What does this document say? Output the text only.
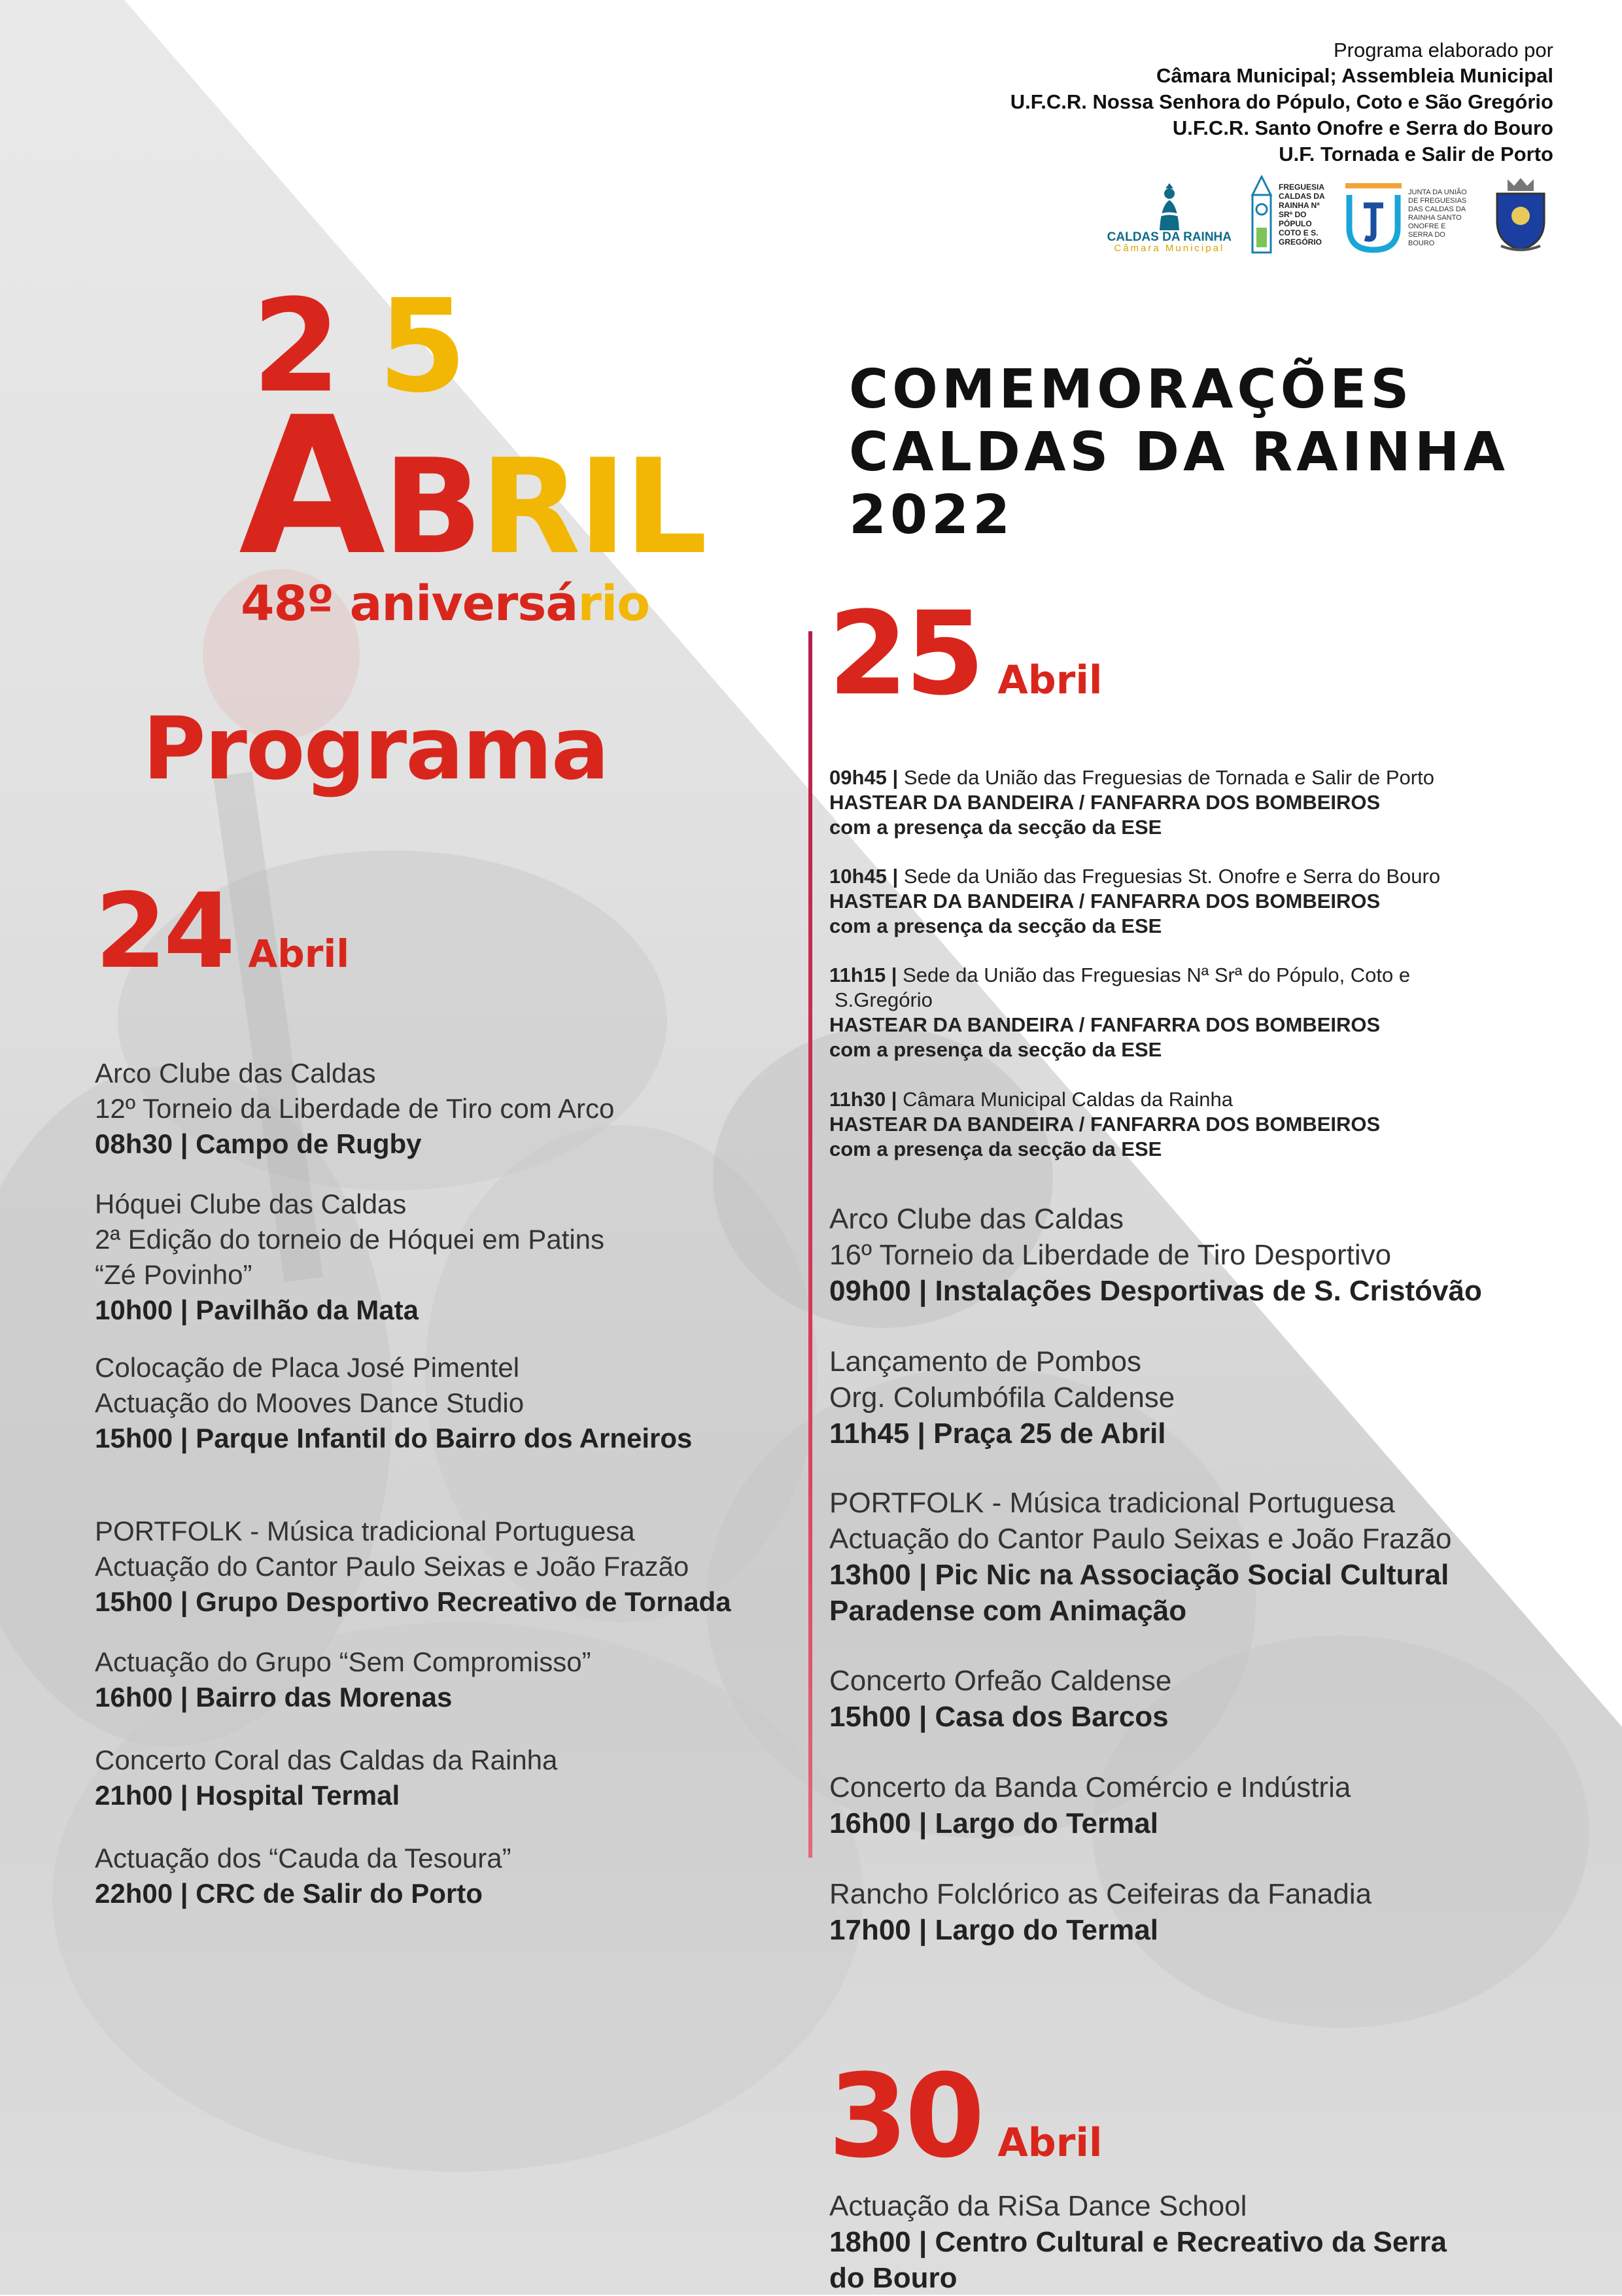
Programa elaborado por
Câmara Municipal; Assembleia Municipal
U.F.C.R. Nossa Senhora do Pópulo, Coto e São Gregório
U.F.C.R. Santo Onofre e Serra do Bouro
U.F. Tornada e Salir de Porto
CALDAS DA RAINHA
Câmara Municipal
FREGUESIA CALDAS DA RAINHA Nª SRª DO PÓPULO COTO E S. GREGÓRIO
JUNTA DA UNIÃO DE FREGUESIAS DAS CALDAS DA RAINHA SANTO ONOFRE E SERRA DO BOURO
2 5
ABRIL
48º aniversário
Programa
COMEMORAÇÕES
CALDAS DA RAINHA
2022
24 Abril
Arco Clube das Caldas
12º Torneio da Liberdade de Tiro com Arco
08h30 | Campo de Rugby
Hóquei Clube das Caldas
2ª Edição do torneio de Hóquei em Patins
“Zé Povinho”
10h00 | Pavilhão da Mata
Colocação de Placa José Pimentel
Actuação do Mooves Dance Studio
15h00 | Parque Infantil do Bairro dos Arneiros
PORTFOLK - Música tradicional Portuguesa
Actuação do Cantor Paulo Seixas e João Frazão
15h00 | Grupo Desportivo Recreativo de Tornada
Actuação do Grupo “Sem Compromisso”
16h00 | Bairro das Morenas
Concerto Coral das Caldas da Rainha
21h00 | Hospital Termal
Actuação dos “Cauda da Tesoura”
22h00 | CRC de Salir do Porto
25 Abril
09h45 | Sede da União das Freguesias de Tornada e Salir de Porto
HASTEAR DA BANDEIRA / FANFARRA DOS BOMBEIROS
com a presença da secção da ESE
10h45 | Sede da União das Freguesias St. Onofre e Serra do Bouro
HASTEAR DA BANDEIRA / FANFARRA DOS BOMBEIROS
com a presença da secção da ESE
11h15 | Sede da União das Freguesias Nª Srª do Pópulo, Coto e
S.Gregório
HASTEAR DA BANDEIRA / FANFARRA DOS BOMBEIROS
com a presença da secção da ESE
11h30 | Câmara Municipal Caldas da Rainha
HASTEAR DA BANDEIRA / FANFARRA DOS BOMBEIROS
com a presença da secção da ESE
Arco Clube das Caldas
16º Torneio da Liberdade de Tiro Desportivo
09h00 | Instalações Desportivas de S. Cristóvão
Lançamento de Pombos
Org. Columbófila Caldense
11h45 | Praça 25 de Abril
PORTFOLK - Música tradicional Portuguesa
Actuação do Cantor Paulo Seixas e João Frazão
13h00 | Pic Nic na Associação Social Cultural
Paradense com Animação
Concerto Orfeão Caldense
15h00 | Casa dos Barcos
Concerto da Banda Comércio e Indústria
16h00 | Largo do Termal
Rancho Folclórico as Ceifeiras da Fanadia
17h00 | Largo do Termal
30 Abril
Actuação da RiSa Dance School
18h00 | Centro Cultural e Recreativo da Serra
do Bouro
